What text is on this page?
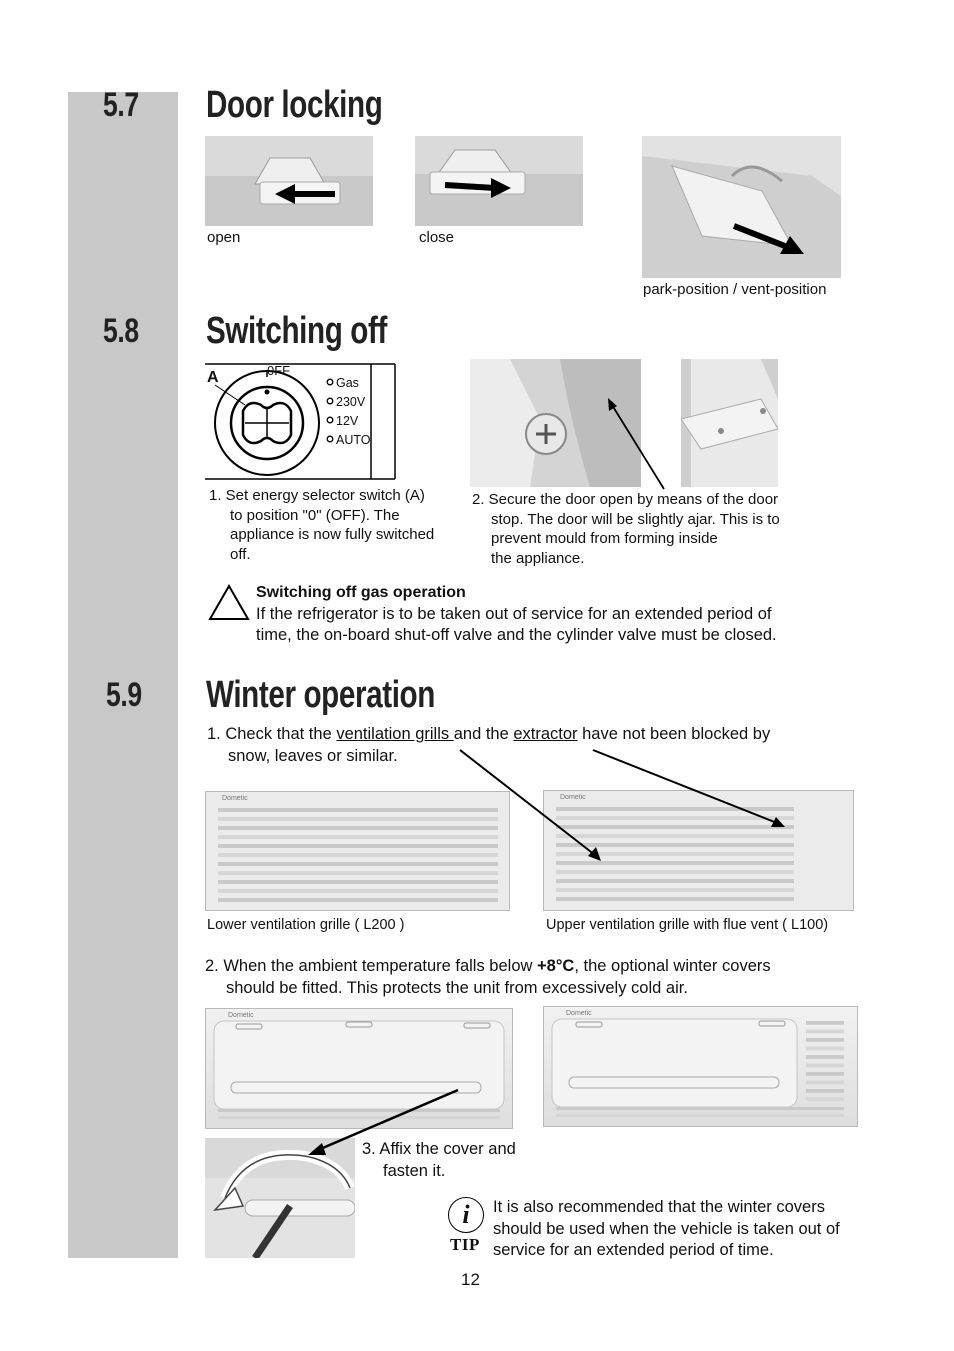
5.7 Door locking
open	close
park-position / vent-position
5.8 Switching off
A	0FF
Gas
230V
12V
AUTO
1. Set energy selector switch (A)
to position "0" (OFF). The
appliance is now fully switched
off.
2. Secure the door open by means of the door
stop. The door will be slightly ajar. This is to
prevent mould from forming inside
the appliance.
Switching off gas operation
If the refrigerator is to be taken out of service for an extended period of
time, the on-board shut-off valve and the cylinder valve must be closed.
5.9 Winter operation
1. Check that the ventilation grills and the extractor have not been blocked by
snow, leaves or similar.
Dometic
Lower ventilation grille ( L200 )
Dometic
Upper ventilation grille with flue vent ( L100)
2. When the ambient temperature falls below +8°C, the optional winter covers
should be fitted. This protects the unit from excessively cold air.
Dometic	Dometic
3. Affix the cover and
fasten it.
i
TIP
It is also recommended that the winter covers
should be used when the vehicle is taken out of
service for an extended period of time.
12
